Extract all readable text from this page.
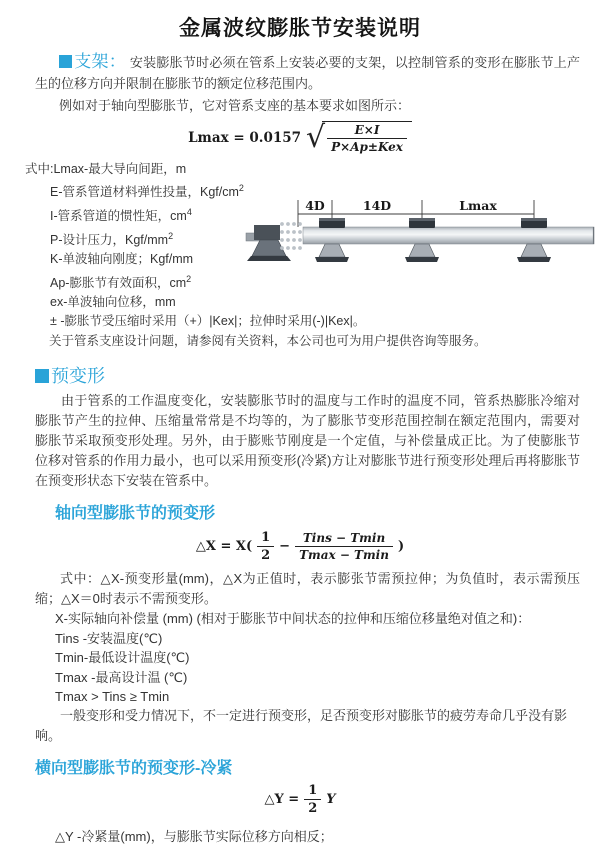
金属波纹膨胀节安装说明

支架： 安装膨胀节时必须在管系上安装必要的支架，以控制管系的变形在膨胀节上产生的位移方向并限制在膨胀节的额定位移范围内。

例如对于轴向型膨胀节，它对管系支座的基本要求如图所示：

Lmax = 0.0157 √ $\frac{E\times I}{\text{P×Ap±Kex}}$
式中:Lmax-最大导向间距，m
E-管系管道材料弹性投量，Kgf/$cm^2$
I-管系管道的惯性矩，$cm^4$
P-设计压力，Kgf/$mm^2$
K-单波轴向刚度；Kgf/mm
Ap-膨胀节有效面积，$cm^2$
ex-单波轴向位移，mm
± -膨胀节受压缩时采用（+）|Kex|；拉伸时采用(-)|Kex|。
关于管系支座设计问题，请参阅有关资料，本公司也可为用户提供咨询等服务。
4D	14D	Lmax
预变形

由于管系的工作温度变化，安装膨胀节时的温度与工作时的温度不同，管系热膨胀冷缩对膨胀节产生的拉伸、压缩量常常是不均等的，为了膨胀节变形范围控制在额定范围内，需要对膨胀节采取预变形处理。另外，由于膨账节刚度是一个定值，与补偿量成正比。为了使膨胀节位移对管系的作用力最小，也可以采用预变形(冷紧)方让对膨胀节进行预变形处理后再将膨胀节在预变形状态下安装在管系中。

轴向型膨胀节的预变形
△X = $X( \frac{1}{2} - \frac{\text{Tins − Tmin}}{Tmax - Tmin}$ )

式中：△X-预变形量(mm)，△X为正值时，表示膨张节需预拉伸；为负值时，表示需预压缩；△X＝0时表示不需预变形。

X-实际轴向补偿量 (mm) (相对于膨胀节中间状态的拉伸和压缩位移量绝对值之和)：
Tins -安装温度(℃)
Tmin-最低设计温度(℃)
Tmax -最高设计温 (℃)
Tmax > Tins ≥ Tmin

一般变形和受力情况下，不一定进行预变形，足否预变形对膨胀节的疲劳寿命几乎没有影响。

横向型膨胀节的预变形-冷紧
△Y = $\frac{1}{2}$ Y
△Y -冷紧量(mm)，与膨胀节实际位移方向相反；
